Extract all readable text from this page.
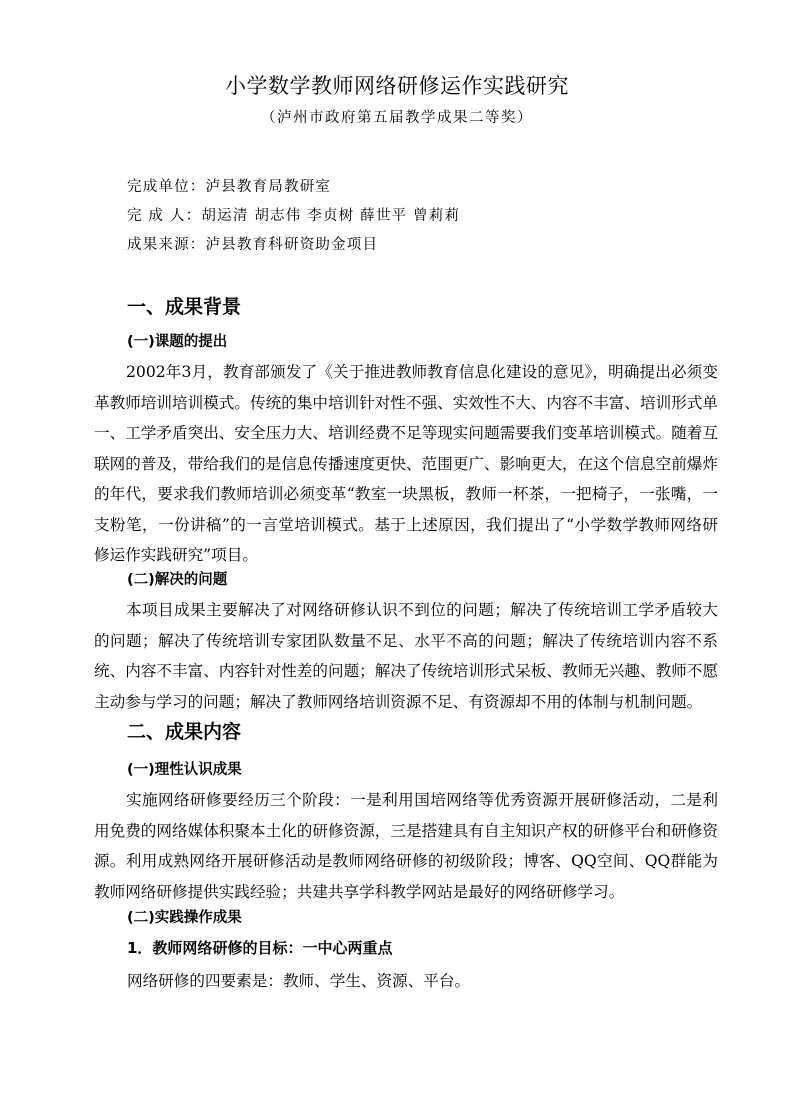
小学数学教师网络研修运作实践研究
（泸州市政府第五届教学成果二等奖）
完成单位：泸县教育局教研室
完 成 人：胡运清 胡志伟 李贞树 薛世平 曾莉莉
成果来源：泸县教育科研资助金项目
一、成果背景
(一)课题的提出
2002年3月，教育部颁发了《关于推进教师教育信息化建设的意见》，明确提出必须变革教师培训培训模式。传统的集中培训针对性不强、实效性不大、内容不丰富、培训形式单一、工学矛盾突出、安全压力大、培训经费不足等现实问题需要我们变革培训模式。随着互联网的普及，带给我们的是信息传播速度更快、范围更广、影响更大，在这个信息空前爆炸的年代，要求我们教师培训必须变革“教室一块黑板，教师一杯茶，一把椅子，一张嘴，一支粉笔，一份讲稿”的一言堂培训模式。基于上述原因，我们提出了“小学数学教师网络研修运作实践研究”项目。
(二)解决的问题
本项目成果主要解决了对网络研修认识不到位的问题；解决了传统培训工学矛盾较大的问题；解决了传统培训专家团队数量不足、水平不高的问题；解决了传统培训内容不系统、内容不丰富、内容针对性差的问题；解决了传统培训形式呆板、教师无兴趣、教师不愿主动参与学习的问题；解决了教师网络培训资源不足、有资源却不用的体制与机制问题。
二、成果内容
(一)理性认识成果
实施网络研修要经历三个阶段：一是利用国培网络等优秀资源开展研修活动，二是利用免费的网络媒体积聚本土化的研修资源，三是搭建具有自主知识产权的研修平台和研修资源。利用成熟网络开展研修活动是教师网络研修的初级阶段；博客、QQ空间、QQ群能为教师网络研修提供实践经验；共建共享学科教学网站是最好的网络研修学习。
(二)实践操作成果
1．教师网络研修的目标：一中心两重点
网络研修的四要素是：教师、学生、资源、平台。
